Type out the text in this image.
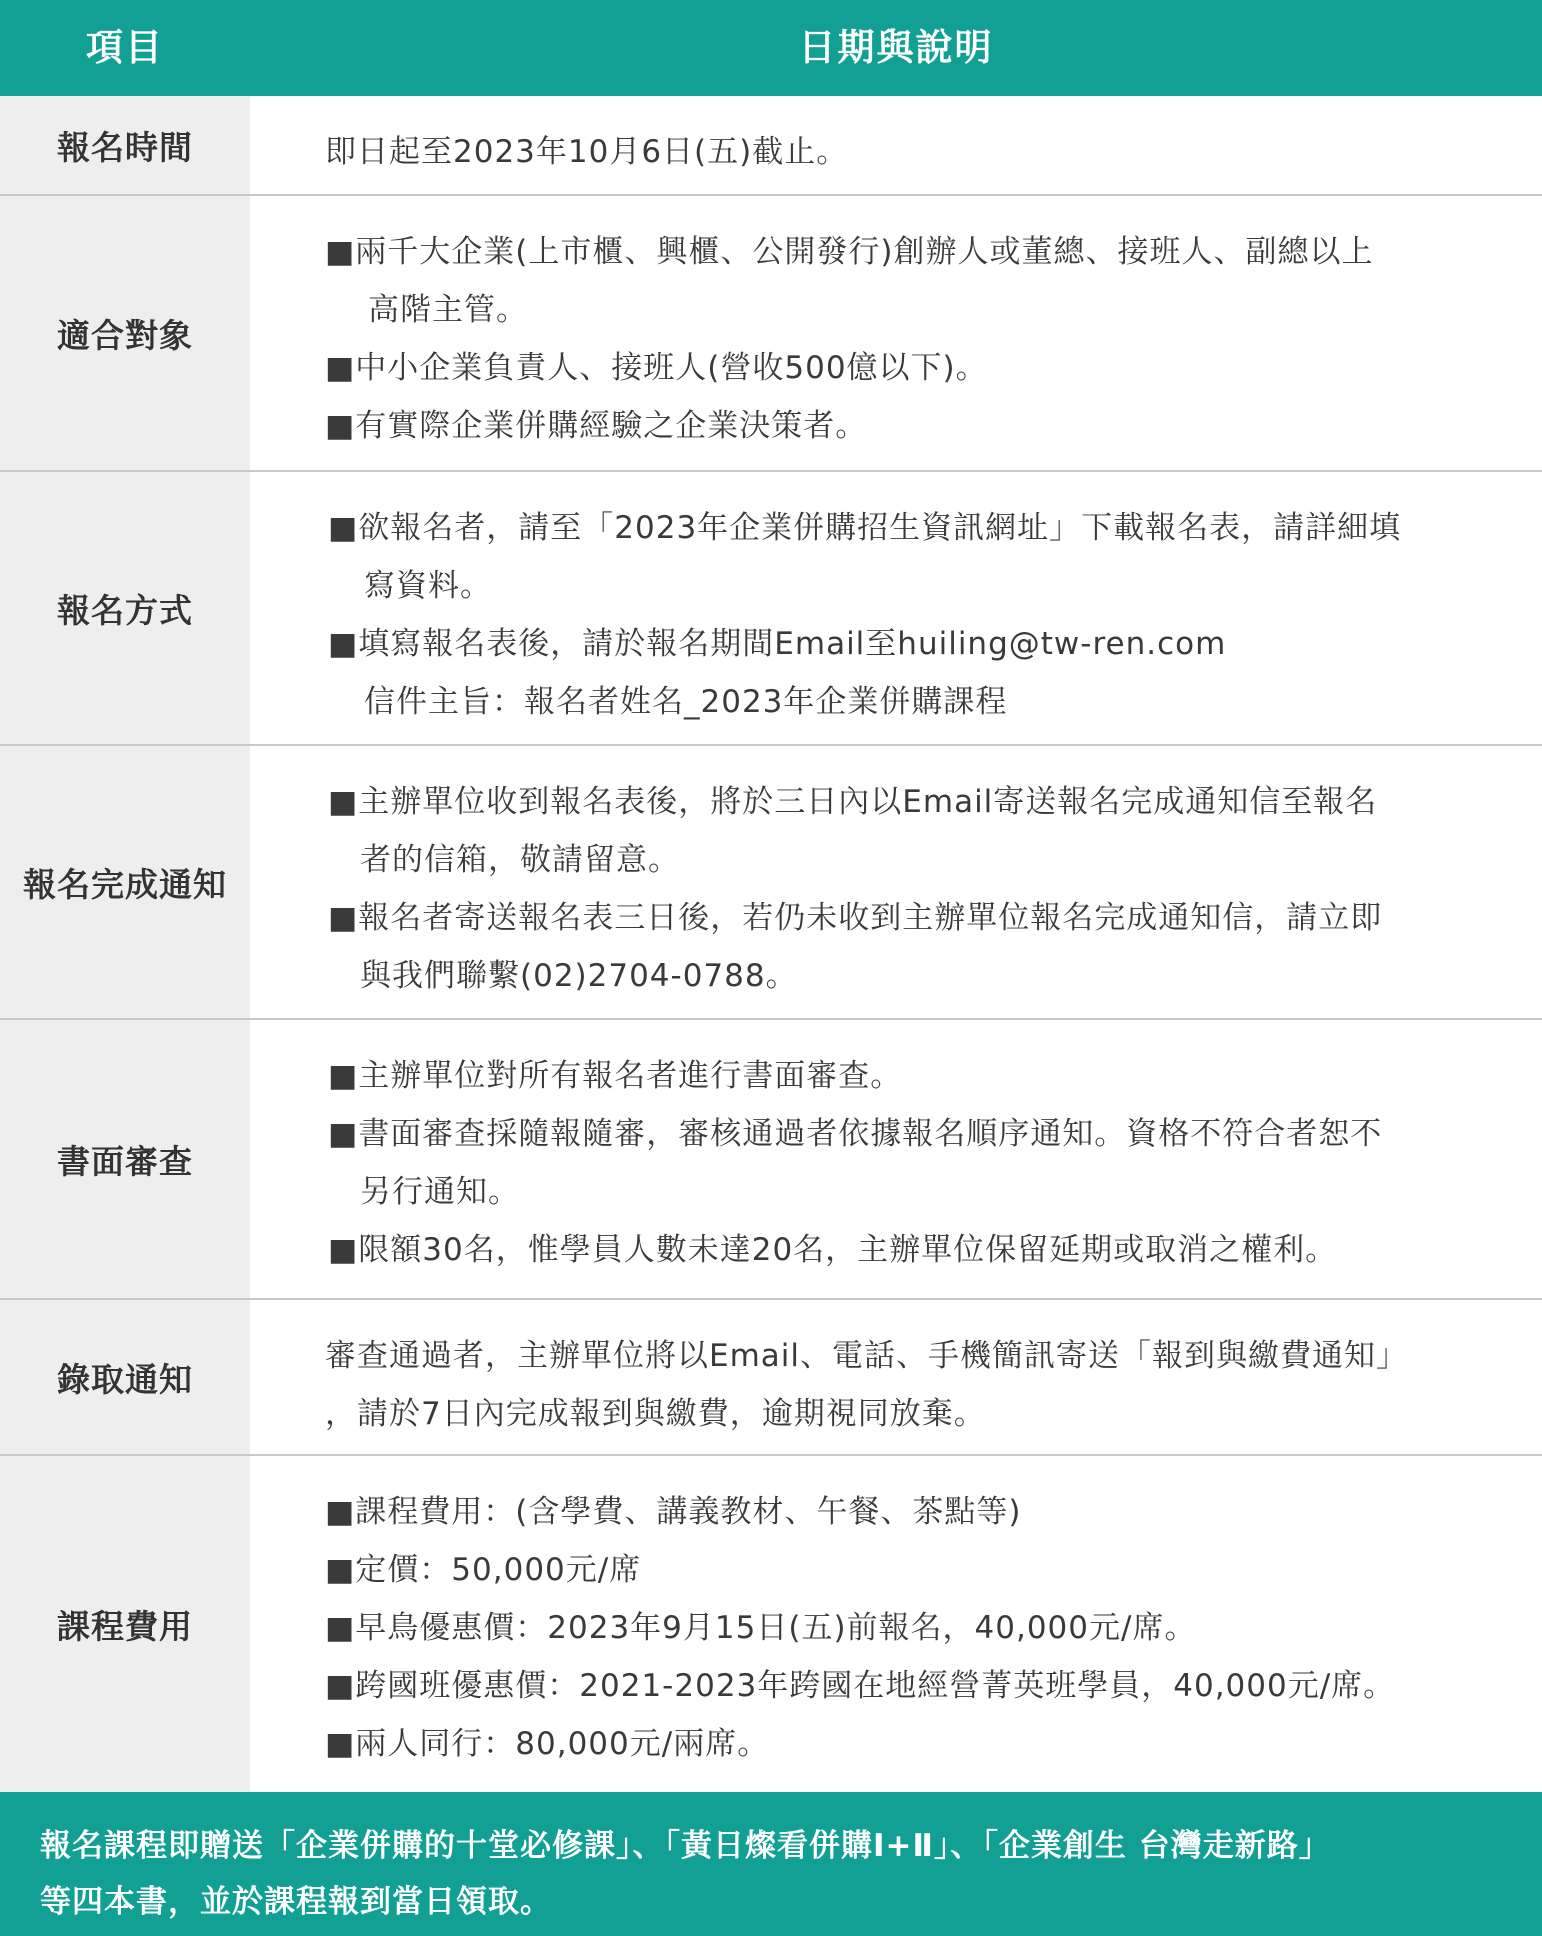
項目	日期與說明
報名時間	即日起至2023年10月6日(五)截止。
適合對象
■兩千大企業(上市櫃、興櫃、公開發行)創辦人或董總、接班人、副總以上
高階主管。
■中小企業負責人、接班人(營收500億以下)。
■有實際企業併購經驗之企業決策者。
報名方式
■欲報名者，請至「2023年企業併購招生資訊網址」下載報名表，請詳細填
寫資料。
■填寫報名表後，請於報名期間Email至huiling@tw-ren.com
信件主旨：報名者姓名_2023年企業併購課程
報名完成通知
■主辦單位收到報名表後，將於三日內以Email寄送報名完成通知信至報名
者的信箱，敬請留意。
■報名者寄送報名表三日後，若仍未收到主辦單位報名完成通知信，請立即
與我們聯繫(02)2704-0788。
書面審查
■主辦單位對所有報名者進行書面審查。
■書面審查採隨報隨審，審核通過者依據報名順序通知。資格不符合者恕不
另行通知。
■限額30名，惟學員人數未達20名，主辦單位保留延期或取消之權利。
錄取通知
審查通過者，主辦單位將以Email、電話、手機簡訊寄送「報到與繳費通知」
，請於7日內完成報到與繳費，逾期視同放棄。
課程費用
■課程費用：(含學費、講義教材、午餐、茶點等)
■定價：50,000元/席
■早鳥優惠價：2023年9月15日(五)前報名，40,000元/席。
■跨國班優惠價：2021-2023年跨國在地經營菁英班學員，40,000元/席。
■兩人同行：80,000元/兩席。
報名課程即贈送「企業併購的十堂必修課」、「黃日燦看併購Ⅰ+Ⅱ」、「企業創生 台灣走新路」
等四本書，並於課程報到當日領取。
